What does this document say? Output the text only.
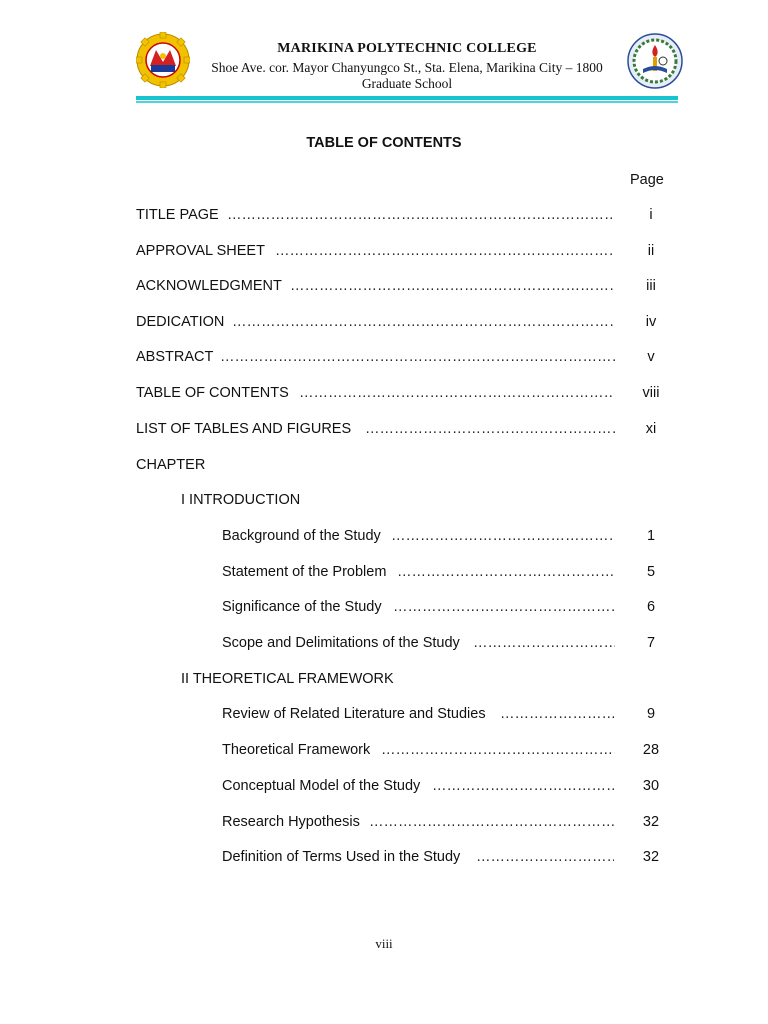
MARIKINA POLYTECHNIC COLLEGE
Shoe Ave. cor. Mayor Chanyungco St., Sta. Elena, Marikina City – 1800
Graduate School
TABLE OF CONTENTS
Page
TITLE PAGE ……………………………………………………………………………………………………………………………	i
APPROVAL SHEET ……………………………………………………………………………………………………………………………	ii
ACKNOWLEDGMENT ……………………………………………………………………………………………………………………………	iii
DEDICATION ……………………………………………………………………………………………………………………………	iv
ABSTRACT ……………………………………………………………………………………………………………………………	v
TABLE OF CONTENTS ……………………………………………………………………………………………………………………………	viii
LIST OF TABLES AND FIGURES ……………………………………………………………………………………………………………………………	xi
CHAPTER
I INTRODUCTION
Background of the Study ……………………………………………………………………………………………………………………………	1
Statement of the Problem ……………………………………………………………………………………………………………………………	5
Significance of the Study ……………………………………………………………………………………………………………………………	6
Scope and Delimitations of the Study ……………………………………………………………………………………………………………………………	7
II THEORETICAL FRAMEWORK
Review of Related Literature and Studies ……………………………………………………………………………………………………………………………	9
Theoretical Framework ……………………………………………………………………………………………………………………………	28
Conceptual Model of the Study ……………………………………………………………………………………………………………………………	30
Research Hypothesis ……………………………………………………………………………………………………………………………	32
Definition of Terms Used in the Study ……………………………………………………………………………………………………………………………	32
viii
